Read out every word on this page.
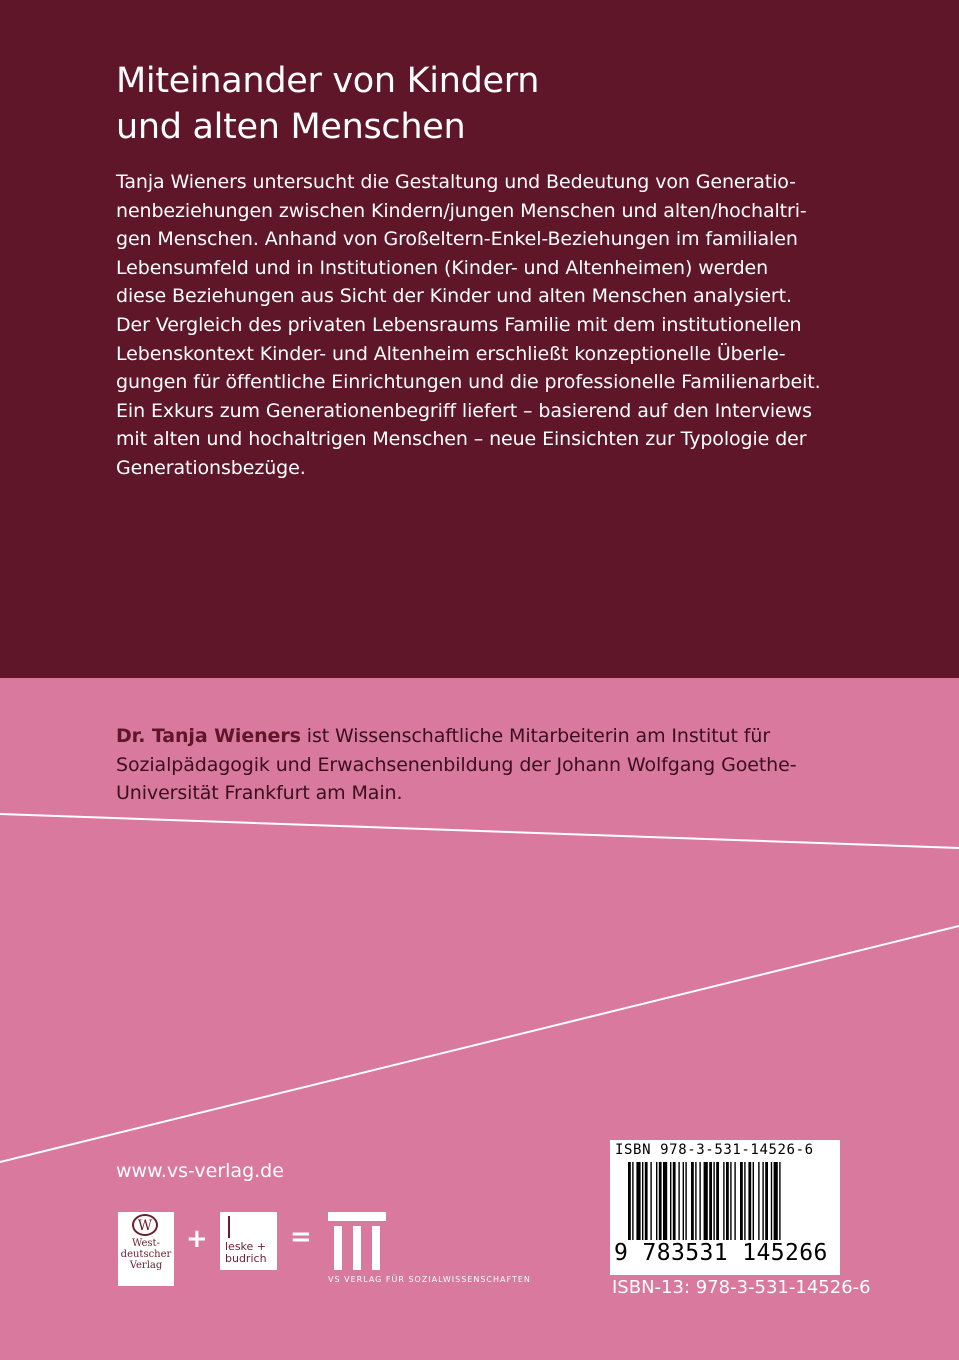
Miteinander von Kindern
und alten Menschen

Tanja Wieners untersucht die Gestaltung und Bedeutung von Generatio-
nenbeziehungen zwischen Kindern/jungen Menschen und alten/hochaltri-
gen Menschen. Anhand von Großeltern-Enkel-Beziehungen im familialen
Lebensumfeld und in Institutionen (Kinder- und Altenheimen) werden
diese Beziehungen aus Sicht der Kinder und alten Menschen analysiert.
Der Vergleich des privaten Lebensraums Familie mit dem institutionellen
Lebenskontext Kinder- und Altenheim erschließt konzeptionelle Überle-
gungen für öffentliche Einrichtungen und die professionelle Familienarbeit.
Ein Exkurs zum Generationenbegriff liefert – basierend auf den Interviews
mit alten und hochaltrigen Menschen – neue Einsichten zur Typologie der
Generationsbezüge.

Dr. Tanja Wieners ist Wissenschaftliche Mitarbeiterin am Institut für
Sozialpädagogik und Erwachsenenbildung der Johann Wolfgang Goethe-
Universität Frankfurt am Main.

www.vs-verlag.de
W
West-
deutscher
Verlag
+ leske +
budrich
=
VS VERLAG FÜR SOZIALWISSENSCHAFTEN
ISBN 978-3-531-14526-6
9 783531 145266
ISBN-13: 978-3-531-14526-6
